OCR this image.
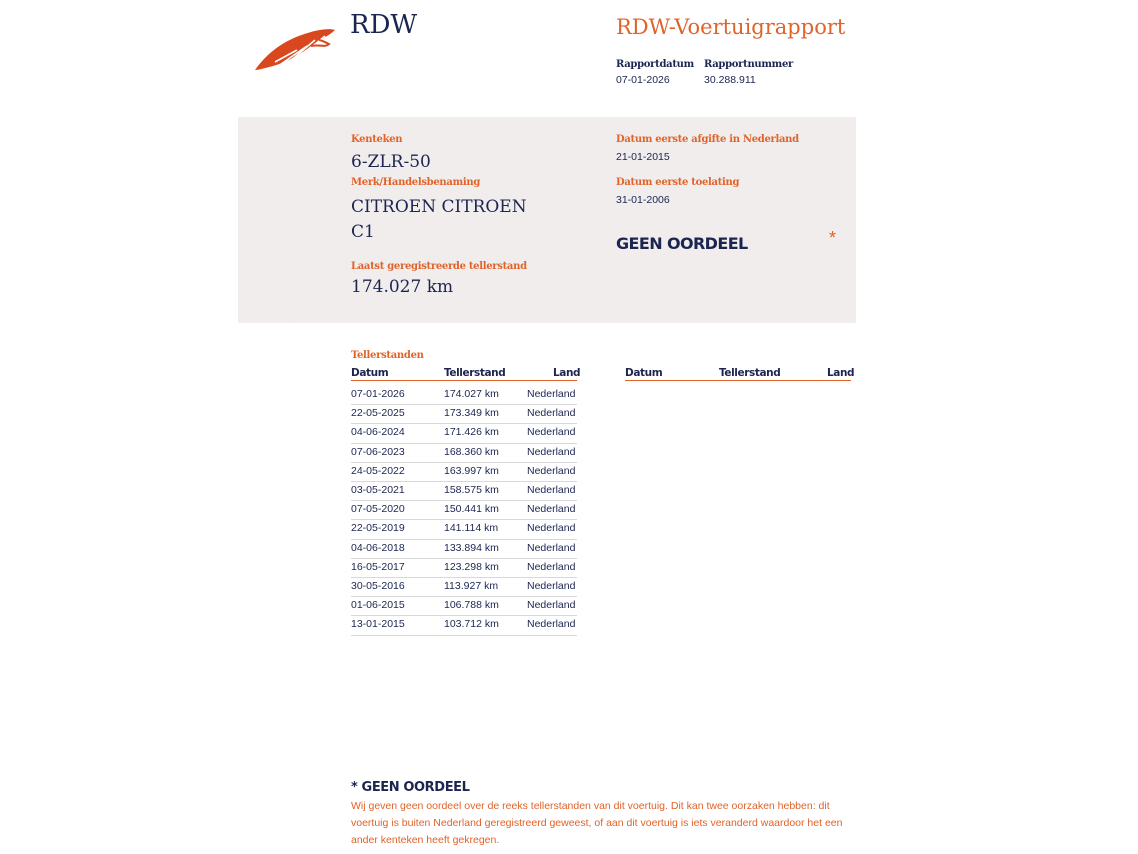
RDW	RDW-Voertuigrapport
Rapportdatum
07-01-2026
Rapportnummer
30.288.911
Kenteken
6-ZLR-50
Merk/Handelsbenaming
CITROEN CITROEN
C1
Laatst geregistreerde tellerstand
174.027 km
Datum eerste afgifte in Nederland
21-01-2015
Datum eerste toelating
31-01-2006
GEEN OORDEEL	*
Tellerstanden
Datum	Tellerstand	Land
07-01-2026	174.027 km	Nederland
22-05-2025	173.349 km	Nederland
04-06-2024	171.426 km	Nederland
07-06-2023	168.360 km	Nederland
24-05-2022	163.997 km	Nederland
03-05-2021	158.575 km	Nederland
07-05-2020	150.441 km	Nederland
22-05-2019	141.114 km	Nederland
04-06-2018	133.894 km	Nederland
16-05-2017	123.298 km	Nederland
30-05-2016	113.927 km	Nederland
01-06-2015	106.788 km	Nederland
13-01-2015	103.712 km	Nederland
Datum	Tellerstand	Land
* GEEN OORDEEL
Wij geven geen oordeel over de reeks tellerstanden van dit voertuig. Dit kan twee oorzaken hebben: dit
voertuig is buiten Nederland geregistreerd geweest, of aan dit voertuig is iets veranderd waardoor het een
ander kenteken heeft gekregen.
